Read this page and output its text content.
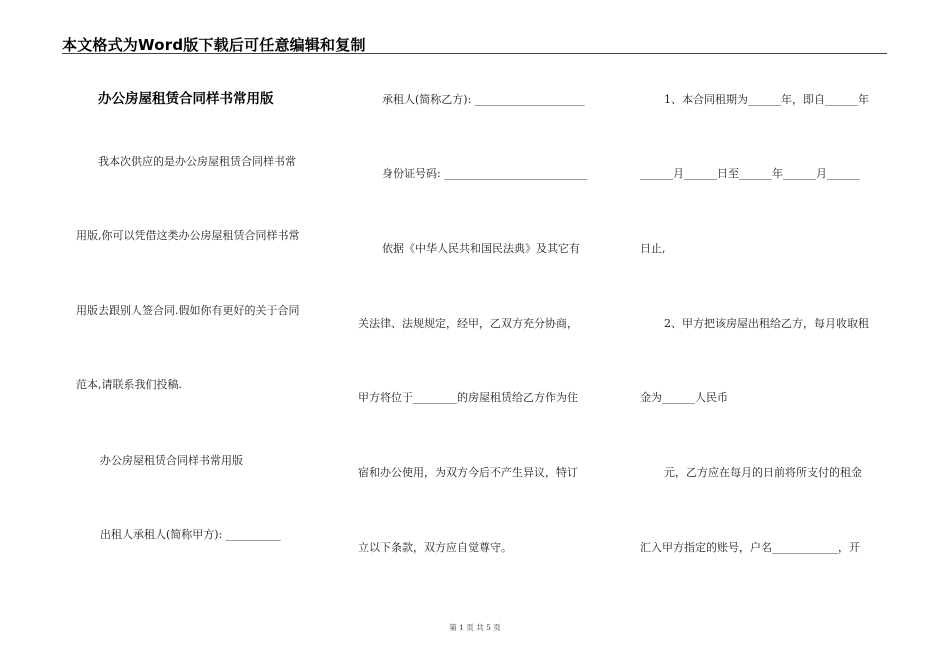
本文格式为Word版下载后可任意编辑和复制
办公房屋租赁合同样书常用版
我本次供应的是办公房屋租赁合同样书常
用版,你可以凭借这类办公房屋租赁合同样书常
用版去跟别人签合同.假如你有更好的关于合同
范本,请联系我们投稿.
办公房屋租赁合同样书常用版
出租人承租人(简称甲方): __________
承租人(简称乙方): ____________________
身份证号码: __________________________
依据《中华人民共和国民法典》及其它有
关法律、法规规定，经甲，乙双方充分协商，
甲方将位于________的房屋租赁给乙方作为住
宿和办公使用，为双方今后不产生异议，特订
立以下条款，双方应自觉尊守。
1、本合同租期为______年，即自______年
______月______日至______年______月______
日止,
2、甲方把该房屋出租给乙方，每月收取租
金为______人民币
元，乙方应在每月的日前将所支付的租金
汇入甲方指定的账号，户名____________，开
第 1 页 共 5 页
